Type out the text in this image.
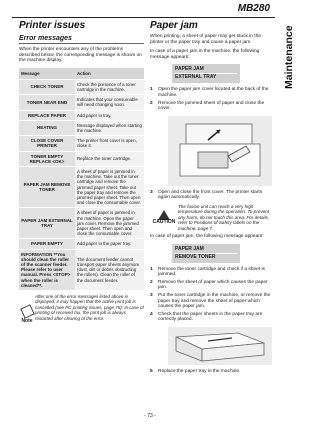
MB280
Maintenance
Printer issues
Error messages

When the printer encounters any of the problems described below, the corresponding message is shown on the machine display.

Message	Action
CHECK TONER	Check the presence of a toner cartridge in the machine.
TONER NEAR END	Indicates that your consumable will need changing soon.
REPLACE PAPER	Add paper in tray.
HEATING	Message displayed when starting the machine.
CLOSE COVER PRINTER	The printer front cover is open, close it.
TONER EMPTY REPLACE <OK>	Replace the toner cartridge.
PAPER JAM REMOVE TONER	A sheet of paper is jammed in the machine. Take out the toner cartridge and remove the jammed paper sheet. Take out the paper tray and remove the jammed paper sheet. Then open and close the consumable cover.
PAPER JAM EXTERNAL TRAY	A sheet of paper is jammed in the machine. Open the paper jam cover. Remove the jammed paper sheet. Then open and close the consumable cover.
PAPER EMPTY	Add paper in the paper tray.
INFORMATION **You should clean the roller of the scanner feeder. Please refer to user manual. Press <STOP> when the roller is cleaned**.	The document feeder cannot transport paper sheets anymore (dust, dirt or debris obstructing the rollers). Clean the roller of the document feeder.
Note
After one of the error messages listed above is displayed, it may happen that the active print job is cancelled (see PC printing issues, page 75). In case of printing of received fax, the print job is always restarted after clearing of the error.
Paper jam

When printing, a sheet of paper may get stuck in the printer or the paper tray and cause a paper jam.

In case of a paper jam in the machine, the following message appears:

PAPER JAM
EXTERNAL TRAY
1	Open the paper jam cover located at the back of the machine.
2	Remove the jammed sheet of paper and close the cover.
3	Open and close the front cover. The printer starts again automatically.
CAUTION
The fusion unit can reach a very high temperature during the operation. To prevent any harm, do not touch this area. For details, refer to Positions of Safety labels on the machine, page 7.

In case of paper jam, the following message appears:

PAPER JAM
REMOVE TONER
1	Remove the toner cartridge and check if a sheet is jammed.
2	Remove the sheet of paper which causes the paper jam.
3	Put the toner cartridge in the machine, or remove the paper tray and remove the sheet of paper which causes the paper jam.
4	Check that the paper sheets in the paper tray are correctly placed.
5	Replace the paper tray in the machine.
- 73 -
